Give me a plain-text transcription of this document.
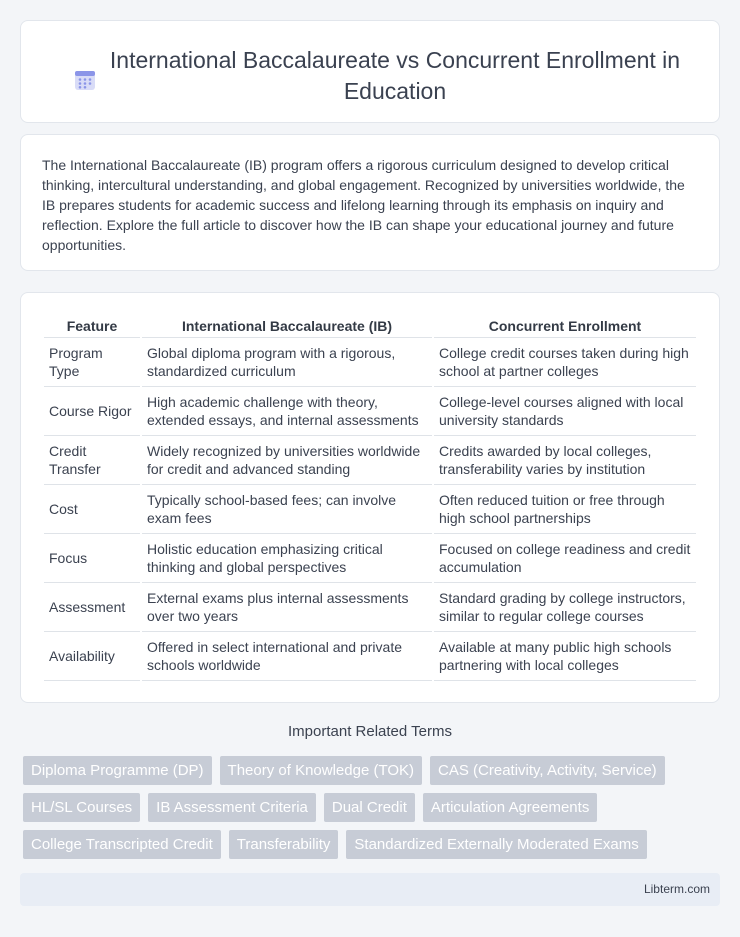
International Baccalaureate vs Concurrent Enrollment in Education

The International Baccalaureate (IB) program offers a rigorous curriculum designed to develop critical thinking, intercultural understanding, and global engagement. Recognized by universities worldwide, the IB prepares students for academic success and lifelong learning through its emphasis on inquiry and reflection. Explore the full article to discover how the IB can shape your educational journey and future opportunities.

Feature	International Baccalaureate (IB)	Concurrent Enrollment
Program Type	Global diploma program with a rigorous, standardized curriculum	College credit courses taken during high school at partner colleges
Course Rigor	High academic challenge with theory, extended essays, and internal assessments	College-level courses aligned with local university standards
Credit Transfer	Widely recognized by universities worldwide for credit and advanced standing	Credits awarded by local colleges, transferability varies by institution
Cost	Typically school-based fees; can involve exam fees	Often reduced tuition or free through high school partnerships
Focus	Holistic education emphasizing critical thinking and global perspectives	Focused on college readiness and credit accumulation
Assessment	External exams plus internal assessments over two years	Standard grading by college instructors, similar to regular college courses
Availability	Offered in select international and private schools worldwide	Available at many public high schools partnering with local colleges
Important Related Terms
Diploma Programme (DP)	Theory of Knowledge (TOK)	CAS (Creativity, Activity, Service)
HL/SL Courses	IB Assessment Criteria	Dual Credit	Articulation Agreements
College Transcripted Credit	Transferability	Standardized Externally Moderated Exams
Libterm.com
